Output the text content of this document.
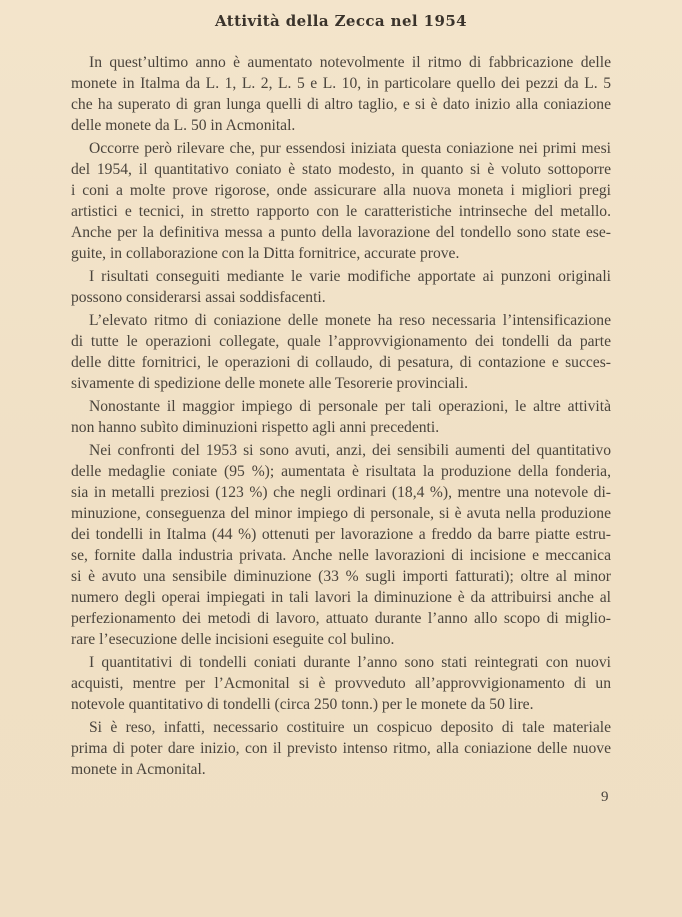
Attività della Zecca nel 1954
In quest’ultimo anno è aumentato notevolmente il ritmo di fabbricazione delle
monete in Italma da L. 1, L. 2, L. 5 e L. 10, in particolare quello dei pezzi da L. 5
che ha superato di gran lunga quelli di altro taglio, e si è dato inizio alla coniazione
delle monete da L. 50 in Acmonital.
Occorre però rilevare che, pur essendosi iniziata questa coniazione nei primi mesi
del 1954, il quantitativo coniato è stato modesto, in quanto si è voluto sottoporre
i coni a molte prove rigorose, onde assicurare alla nuova moneta i migliori pregi
artistici e tecnici, in stretto rapporto con le caratteristiche intrinseche del metallo.
Anche per la definitiva messa a punto della lavorazione del tondello sono state ese-
guite, in collaborazione con la Ditta fornitrice, accurate prove.
I risultati conseguiti mediante le varie modifiche apportate ai punzoni originali
possono considerarsi assai soddisfacenti.
L’elevato ritmo di coniazione delle monete ha reso necessaria l’intensificazione
di tutte le operazioni collegate, quale l’approvvigionamento dei tondelli da parte
delle ditte fornitrici, le operazioni di collaudo, di pesatura, di contazione e succes-
sivamente di spedizione delle monete alle Tesorerie provinciali.
Nonostante il maggior impiego di personale per tali operazioni, le altre attività
non hanno subìto diminuzioni rispetto agli anni precedenti.
Nei confronti del 1953 si sono avuti, anzi, dei sensibili aumenti del quantitativo
delle medaglie coniate (95 %); aumentata è risultata la produzione della fonderia,
sia in metalli preziosi (123 %) che negli ordinari (18,4 %), mentre una notevole di-
minuzione, conseguenza del minor impiego di personale, si è avuta nella produzione
dei tondelli in Italma (44 %) ottenuti per lavorazione a freddo da barre piatte estru-
se, fornite dalla industria privata. Anche nelle lavorazioni di incisione e meccanica
si è avuto una sensibile diminuzione (33 % sugli importi fatturati); oltre al minor
numero degli operai impiegati in tali lavori la diminuzione è da attribuirsi anche al
perfezionamento dei metodi di lavoro, attuato durante l’anno allo scopo di miglio-
rare l’esecuzione delle incisioni eseguite col bulino.
I quantitativi di tondelli coniati durante l’anno sono stati reintegrati con nuovi
acquisti, mentre per l’Acmonital si è provveduto all’approvvigionamento di un
notevole quantitativo di tondelli (circa 250 tonn.) per le monete da 50 lire.
Si è reso, infatti, necessario costituire un cospicuo deposito di tale materiale
prima di poter dare inizio, con il previsto intenso ritmo, alla coniazione delle nuove
monete in Acmonital.
9
